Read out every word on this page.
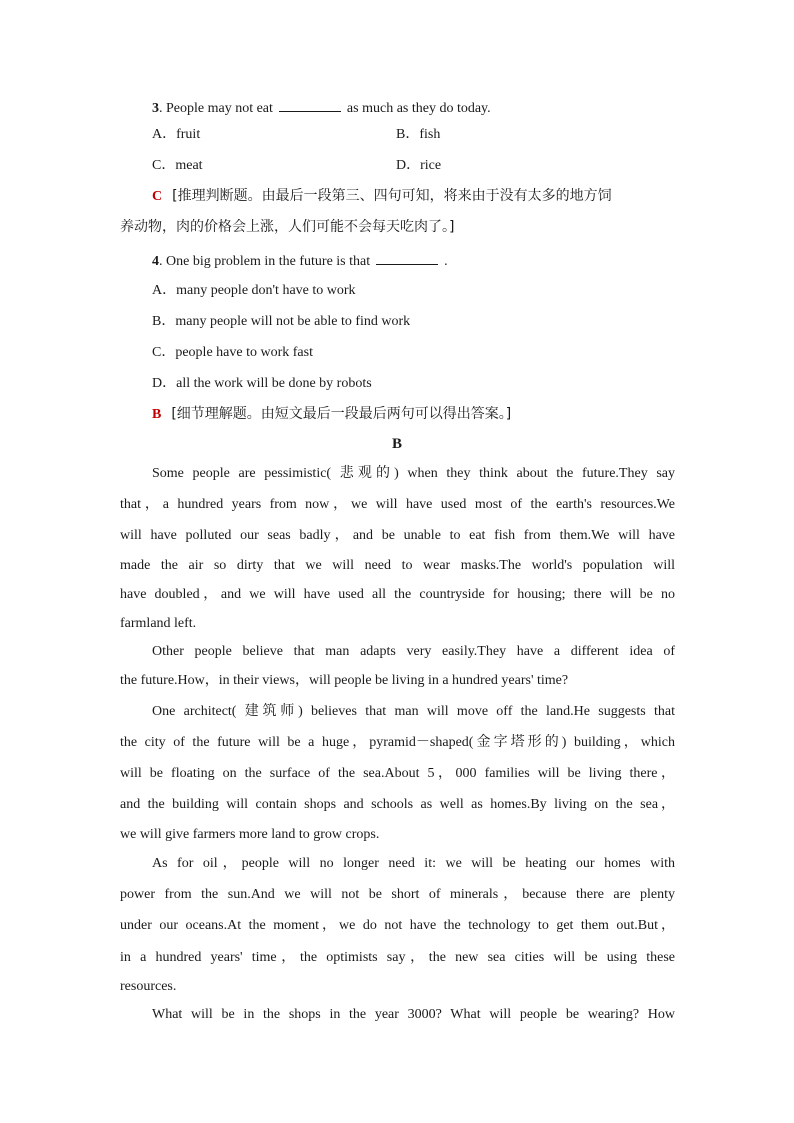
3. People may not eat	as much as they do today.
A．fruit	B．fish
C．meat	D．rice
C [推理判断题。由最后一段第三、四句可知，将来由于没有太多的地方饲
养动物，肉的价格会上涨，人们可能不会每天吃肉了。]
4. One big problem in the future is that	.
A．many people don't have to work
B．many people will not be able to find work
C．people have to work fast
D．all the work will be done by robots
B [细节理解题。由短文最后一段最后两句可以得出答案。]
B
Some people are pessimistic( 悲观的) when they think about the future.They say
that，a hundred years from now，we will have used most of the earth's resources.We
will have polluted our seas badly，and be unable to eat fish from them.We will have
made the air so dirty that we will need to wear masks.The world's population will
have doubled，and we will have used all the countryside for housing; there will be no
farmland left.
Other people believe that man adapts very easily.They have a different idea of
the future.How，in their views，will people be living in a hundred years' time?
One architect( 建筑师) believes that man will move off the land.He suggests that
the city of the future will be a huge，pyramid－shaped(金字塔形的) building，which
will be floating on the surface of the sea.About 5，000 families will be living there，
and the building will contain shops and schools as well as homes.By living on the sea，
we will give farmers more land to grow crops.
As for oil，people will no longer need it: we will be heating our homes with
power from the sun.And we will not be short of minerals，because there are plenty
under our oceans.At the moment，we do not have the technology to get them out.But，
in a hundred years' time，the optimists say，the new sea cities will be using these
resources.
What will be in the shops in the year 3000? What will people be wearing? How
